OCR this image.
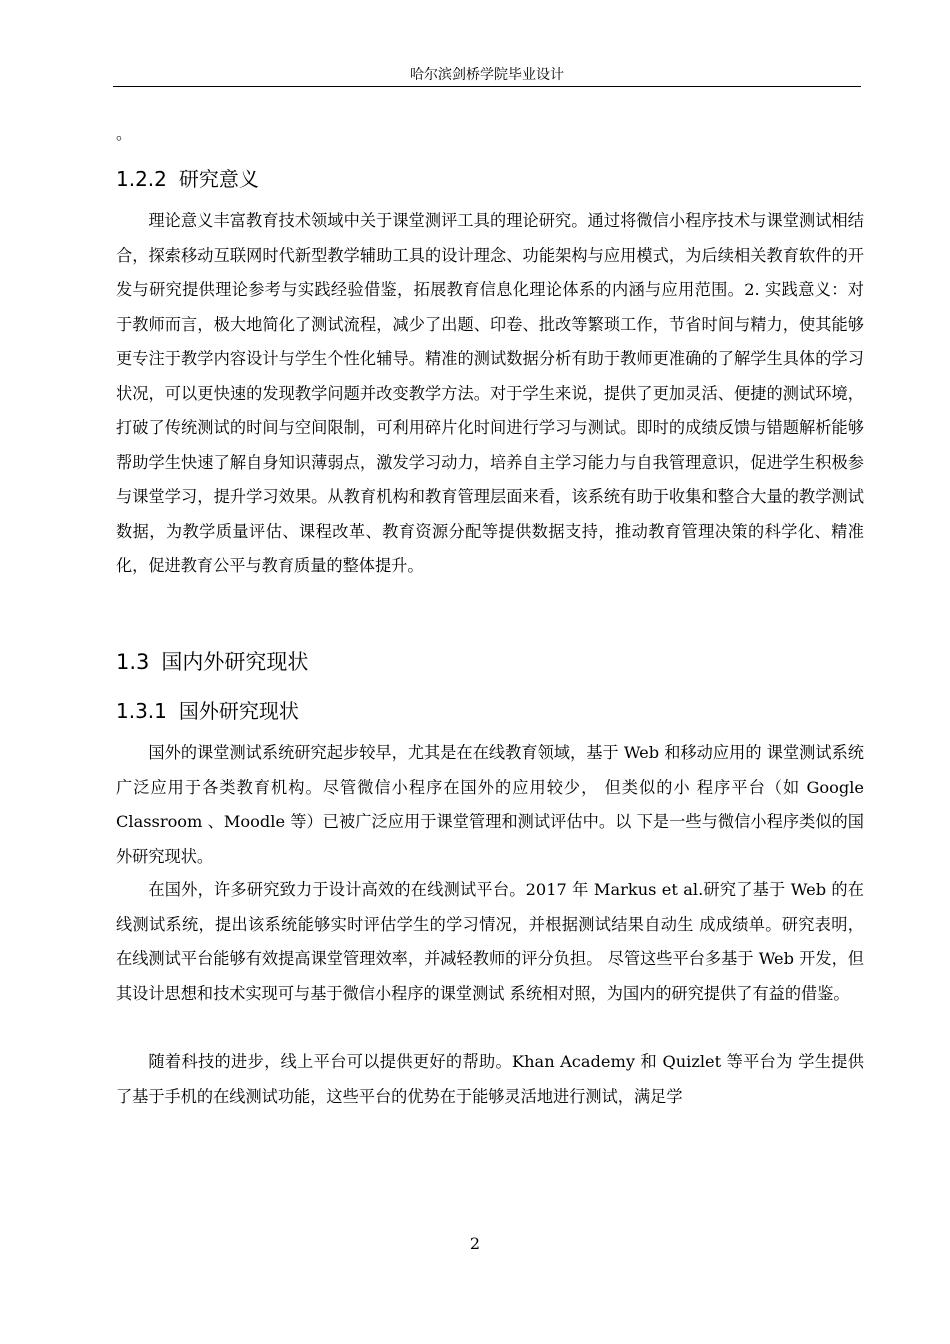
哈尔滨剑桥学院毕业设计
。
1.2.2 研究意义

理论意义丰富教育技术领域中关于课堂测评工具的理论研究。通过将微信小程序技术与课堂测试相结合，探索移动互联网时代新型教学辅助工具的设计理念、功能架构与应用模式，为后续相关教育软件的开发与研究提供理论参考与实践经验借鉴，拓展教育信息化理论体系的内涵与应用范围。2. 实践意义：对于教师而言，极大地简化了测试流程，减少了出题、印卷、批改等繁琐工作，节省时间与精力，使其能够更专注于教学内容设计与学生个性化辅导。精准的测试数据分析有助于教师更准确的了解学生具体的学习状况，可以更快速的发现教学问题并改变教学方法。对于学生来说，提供了更加灵活、便捷的测试环境，打破了传统测试的时间与空间限制，可利用碎片化时间进行学习与测试。即时的成绩反馈与错题解析能够帮助学生快速了解自身知识薄弱点，激发学习动力，培养自主学习能力与自我管理意识，促进学生积极参与课堂学习，提升学习效果。从教育机构和教育管理层面来看，该系统有助于收集和整合大量的教学测试数据，为教学质量评估、课程改革、教育资源分配等提供数据支持，推动教育管理决策的科学化、精准化，促进教育公平与教育质量的整体提升。

1.3 国内外研究现状
1.3.1 国外研究现状

国外的课堂测试系统研究起步较早，尤其是在在线教育领域，基于 Web 和移动应用的 课堂测试系统广泛应用于各类教育机构。尽管微信小程序在国外的应用较少， 但类似的小 程序平台（如 Google Classroom 、Moodle 等）已被广泛应用于课堂管理和测试评估中。以 下是一些与微信小程序类似的国外研究现状。

在国外，许多研究致力于设计高效的在线测试平台。2017 年 Markus et al.研究了基于 Web 的在线测试系统，提出该系统能够实时评估学生的学习情况，并根据测试结果自动生 成成绩单。研究表明，在线测试平台能够有效提高课堂管理效率，并减轻教师的评分负担。 尽管这些平台多基于 Web 开发，但其设计思想和技术实现可与基于微信小程序的课堂测试 系统相对照，为国内的研究提供了有益的借鉴。

随着科技的进步，线上平台可以提供更好的帮助。Khan Academy 和 Quizlet 等平台为 学生提供了基于手机的在线测试功能，这些平台的优势在于能够灵活地进行测试，满足学

2
